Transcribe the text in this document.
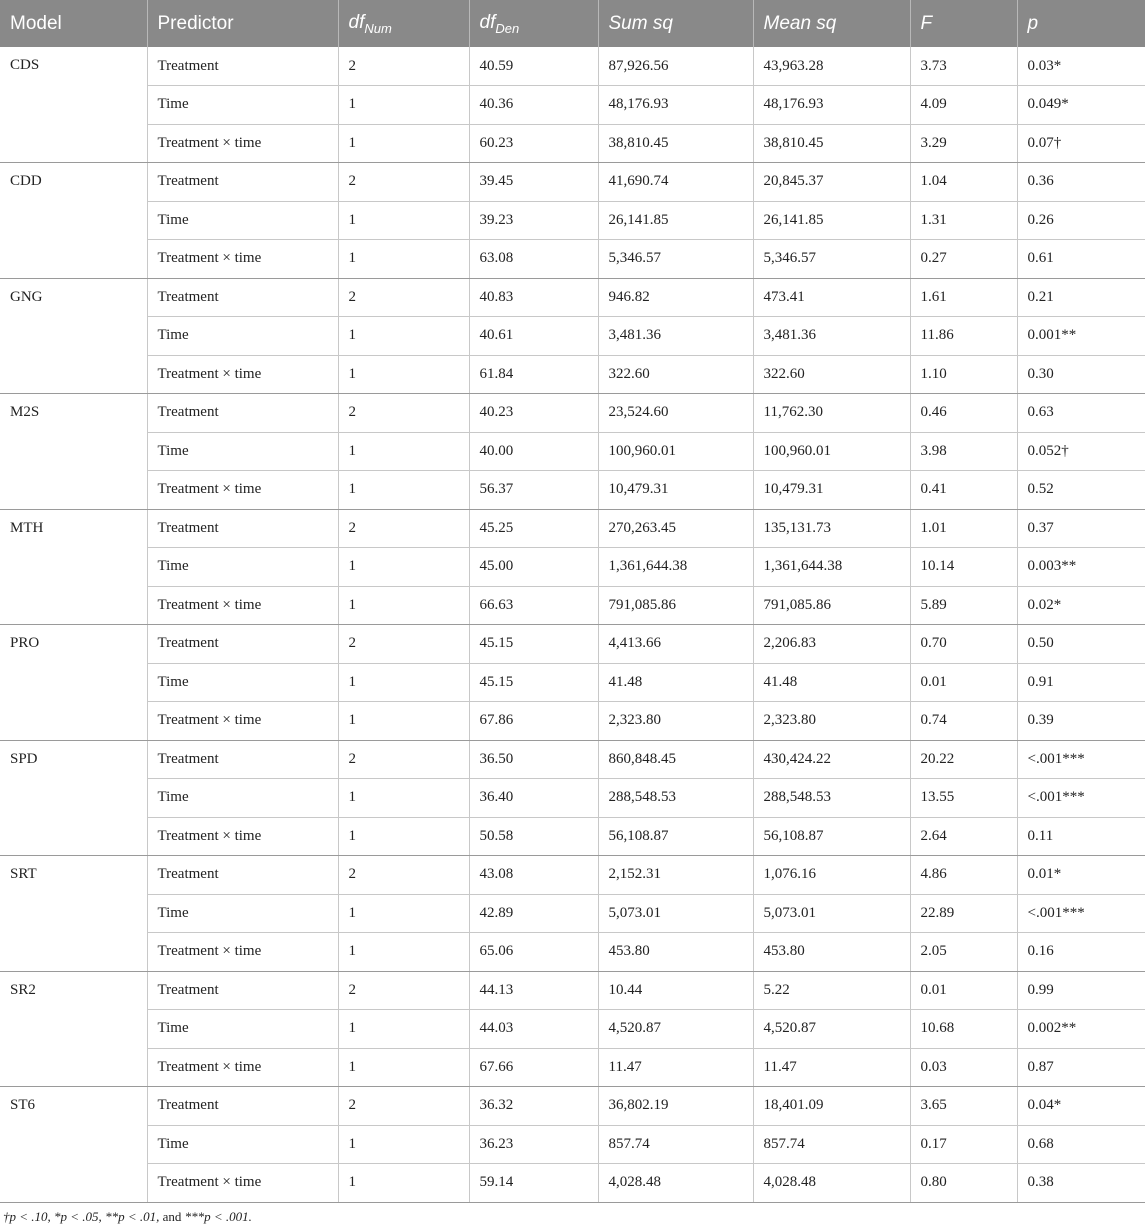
Model	Predictor	$df_{Num}$	$df_{Den}$	Sum sq	Mean sq	F	p
CDS	Treatment	2	40.59	87,926.56	43,963.28	3.73	0.03*
	Time	1	40.36	48,176.93	48,176.93	4.09	0.049*
	Treatment × time	1	60.23	38,810.45	38,810.45	3.29	0.07†
CDD	Treatment	2	39.45	41,690.74	20,845.37	1.04	0.36
	Time	1	39.23	26,141.85	26,141.85	1.31	0.26
	Treatment × time	1	63.08	5,346.57	5,346.57	0.27	0.61
GNG	Treatment	2	40.83	946.82	473.41	1.61	0.21
	Time	1	40.61	3,481.36	3,481.36	11.86	0.001**
	Treatment × time	1	61.84	322.60	322.60	1.10	0.30
M2S	Treatment	2	40.23	23,524.60	11,762.30	0.46	0.63
	Time	1	40.00	100,960.01	100,960.01	3.98	0.052†
	Treatment × time	1	56.37	10,479.31	10,479.31	0.41	0.52
MTH	Treatment	2	45.25	270,263.45	135,131.73	1.01	0.37
	Time	1	45.00	1,361,644.38	1,361,644.38	10.14	0.003**
	Treatment × time	1	66.63	791,085.86	791,085.86	5.89	0.02*
PRO	Treatment	2	45.15	4,413.66	2,206.83	0.70	0.50
	Time	1	45.15	41.48	41.48	0.01	0.91
	Treatment × time	1	67.86	2,323.80	2,323.80	0.74	0.39
SPD	Treatment	2	36.50	860,848.45	430,424.22	20.22	<.001***
	Time	1	36.40	288,548.53	288,548.53	13.55	<.001***
	Treatment × time	1	50.58	56,108.87	56,108.87	2.64	0.11
SRT	Treatment	2	43.08	2,152.31	1,076.16	4.86	0.01*
	Time	1	42.89	5,073.01	5,073.01	22.89	<.001***
	Treatment × time	1	65.06	453.80	453.80	2.05	0.16
SR2	Treatment	2	44.13	10.44	5.22	0.01	0.99
	Time	1	44.03	4,520.87	4,520.87	10.68	0.002**
	Treatment × time	1	67.66	11.47	11.47	0.03	0.87
ST6	Treatment	2	36.32	36,802.19	18,401.09	3.65	0.04*
	Time	1	36.23	857.74	857.74	0.17	0.68
	Treatment × time	1	59.14	4,028.48	4,028.48	0.80	0.38
†p < .10, *p < .05, **p < .01, and ***p < .001.
